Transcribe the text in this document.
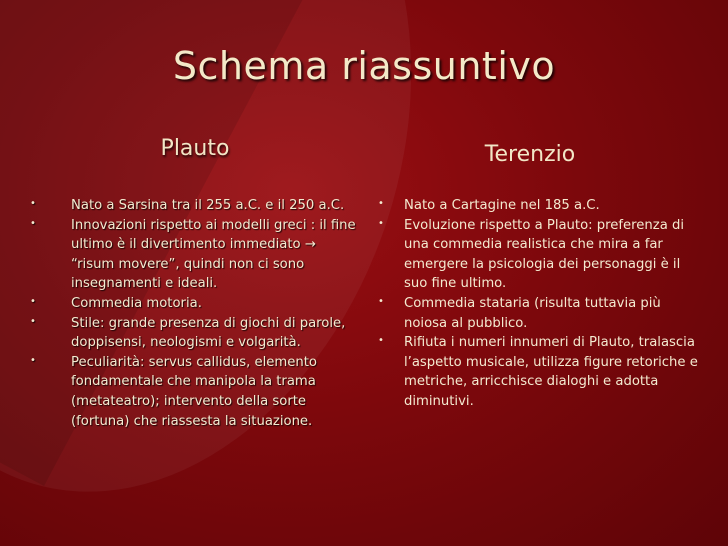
Schema riassuntivo
Plauto	Terenzio
•	Nato a Sarsina tra il 255 a.C. e il 250 a.C.
•	Innovazioni rispetto ai modelli greci : il fine ultimo è il divertimento immediato → “risum movere”, quindi non ci sono insegnamenti e ideali.
•	Commedia motoria.
•	Stile: grande presenza di giochi di parole, doppisensi, neologismi e volgarità.
•	Peculiarità: servus callidus, elemento fondamentale che manipola la trama (metateatro); intervento della sorte (fortuna) che riassesta la situazione.
• Nato a Cartagine nel 185 a.C.
• Evoluzione rispetto a Plauto: preferenza di una commedia realistica che mira a far emergere la psicologia dei personaggi è il suo fine ultimo.
• Commedia stataria (risulta tuttavia più noiosa al pubblico.
• Rifiuta i numeri innumeri di Plauto, tralascia l’aspetto musicale, utilizza figure retoriche e metriche, arricchisce dialoghi e adotta diminutivi.
